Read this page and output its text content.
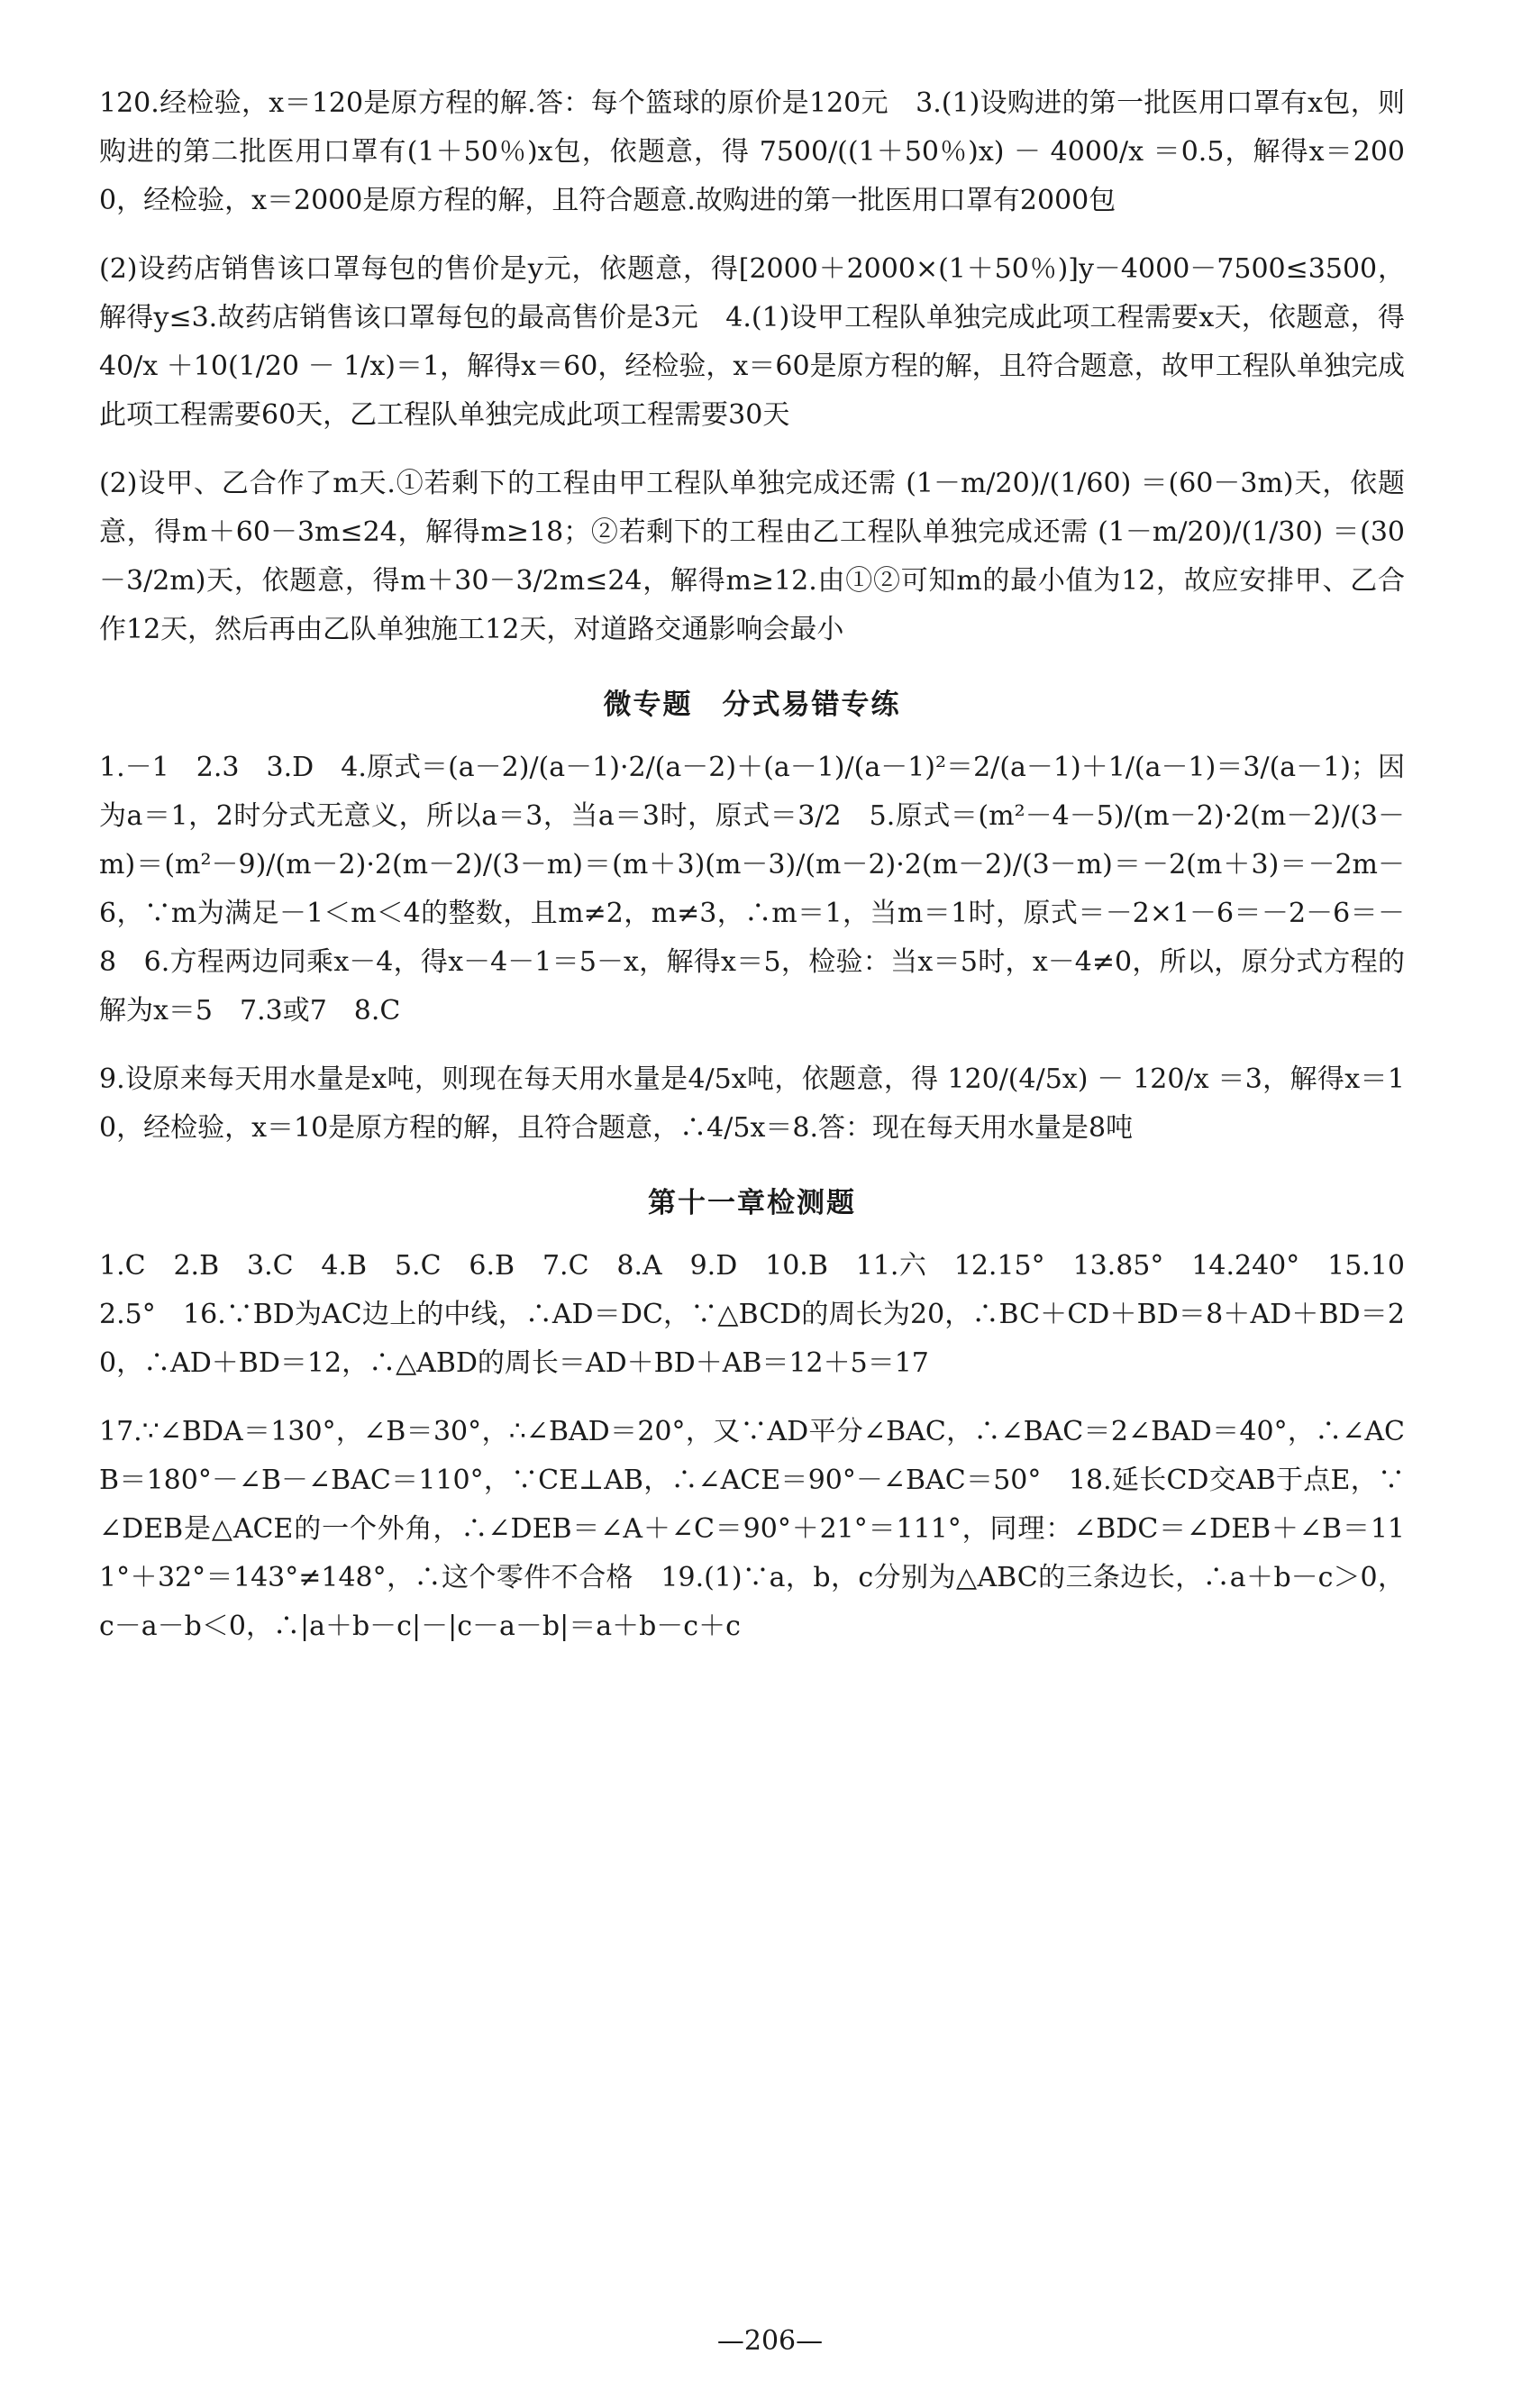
120.经检验，x＝120是原方程的解.答：每个篮球的原价是120元　3.(1)设购进的第一批医用口罩有x包，则购进的第二批医用口罩有(1＋50％)x包，依题意，得 7500/((1＋50％)x) － 4000/x ＝0.5，解得x＝2000，经检验，x＝2000是原方程的解，且符合题意.故购进的第一批医用口罩有2000包

(2)设药店销售该口罩每包的售价是y元，依题意，得[2000＋2000×(1＋50％)]y－4000－7500≤3500，解得y≤3.故药店销售该口罩每包的最高售价是3元　4.(1)设甲工程队单独完成此项工程需要x天，依题意，得 40/x ＋10(1/20 － 1/x)＝1，解得x＝60，经检验，x＝60是原方程的解，且符合题意，故甲工程队单独完成此项工程需要60天，乙工程队单独完成此项工程需要30天

(2)设甲、乙合作了m天.①若剩下的工程由甲工程队单独完成还需 (1－m/20)/(1/60) ＝(60－3m)天，依题意，得m＋60－3m≤24，解得m≥18；②若剩下的工程由乙工程队单独完成还需 (1－m/20)/(1/30) ＝(30－3/2m)天，依题意，得m＋30－3/2m≤24，解得m≥12.由①②可知m的最小值为12，故应安排甲、乙合作12天，然后再由乙队单独施工12天，对道路交通影响会最小

微专题　分式易错专练

1.－1　2.3　3.D　4.原式＝(a－2)/(a－1)·2/(a－2)＋(a－1)/(a－1)²＝2/(a－1)＋1/(a－1)＝3/(a－1)；因为a＝1，2时分式无意义，所以a＝3，当a＝3时，原式＝3/2　5.原式＝(m²－4－5)/(m－2)·2(m－2)/(3－m)＝(m²－9)/(m－2)·2(m－2)/(3－m)＝(m＋3)(m－3)/(m－2)·2(m－2)/(3－m)＝－2(m＋3)＝－2m－6，∵m为满足－1＜m＜4的整数，且m≠2，m≠3，∴m＝1，当m＝1时，原式＝－2×1－6＝－2－6＝－8　6.方程两边同乘x－4，得x－4－1＝5－x，解得x＝5，检验：当x＝5时，x－4≠0，所以，原分式方程的解为x＝5　7.3或7　8.C

9.设原来每天用水量是x吨，则现在每天用水量是4/5x吨，依题意，得 120/(4/5x) － 120/x ＝3，解得x＝10，经检验，x＝10是原方程的解，且符合题意，∴4/5x＝8.答：现在每天用水量是8吨

第十一章检测题

1.C　2.B　3.C　4.B　5.C　6.B　7.C　8.A　9.D　10.B　11.六　12.15°　13.85°　14.240°　15.102.5°　16.∵BD为AC边上的中线，∴AD＝DC，∵△BCD的周长为20，∴BC＋CD＋BD＝8＋AD＋BD＝20，∴AD＋BD＝12，∴△ABD的周长＝AD＋BD＋AB＝12＋5＝17

17.∵∠BDA＝130°，∠B＝30°，∴∠BAD＝20°，又∵AD平分∠BAC，∴∠BAC＝2∠BAD＝40°，∴∠ACB＝180°－∠B－∠BAC＝110°，∵CE⊥AB，∴∠ACE＝90°－∠BAC＝50°　18.延长CD交AB于点E，∵∠DEB是△ACE的一个外角，∴∠DEB＝∠A＋∠C＝90°＋21°＝111°，同理：∠BDC＝∠DEB＋∠B＝111°＋32°＝143°≠148°，∴这个零件不合格　19.(1)∵a，b，c分别为△ABC的三条边长，∴a＋b－c＞0，c－a－b＜0，∴|a＋b－c|－|c－a－b|＝a＋b－c＋c

—206—
